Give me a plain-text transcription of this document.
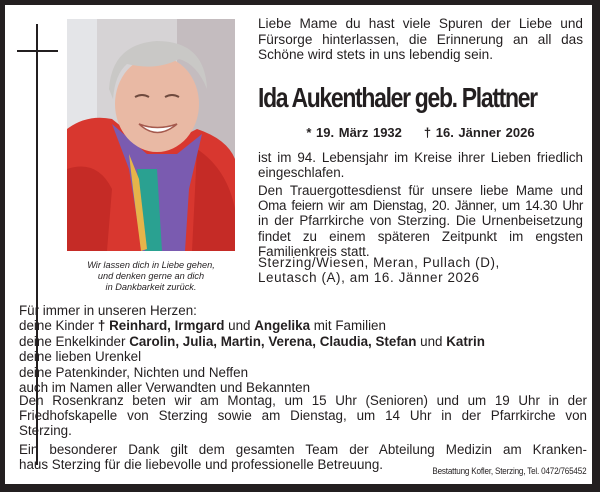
Wir lassen dich in Liebe gehen,
und denken gerne an dich
in Dankbarkeit zurück.
Liebe Mame du hast viele Spuren der Liebe und
Fürsorge hinterlassen, die Erinnerung an all das
Schöne wird stets in uns lebendig sein.
Ida Aukenthaler geb. Plattner
* 19. März 1932 † 16. Jänner 2026
ist im 94. Lebensjahr im Kreise ihrer Lieben friedlich
eingeschlafen.
Den Trauergottesdienst für unsere liebe Mame und
Oma feiern wir am Dienstag, 20. Jänner, um 14.30 Uhr
in der Pfarrkirche von Sterzing. Die Urnenbeisetzung
findet zu einem späteren Zeitpunkt im engsten
Familienkreis statt.
Sterzing/Wiesen, Meran, Pullach (D),
Leutasch (A), am 16. Jänner 2026
Für immer in unseren Herzen:
deine Kinder † Reinhard, Irmgard und Angelika mit Familien
deine Enkelkinder Carolin, Julia, Martin, Verena, Claudia, Stefan und Katrin
deine lieben Urenkel
deine Patenkinder, Nichten und Neffen
auch im Namen aller Verwandten und Bekannten
Den Rosenkranz beten wir am Montag, um 15 Uhr (Senioren) und um 19 Uhr in der
Friedhofskapelle von Sterzing sowie am Dienstag, um 14 Uhr in der Pfarrkirche von
Sterzing.
Ein besonderer Dank gilt dem gesamten Team der Abteilung Medizin am Kranken-
haus Sterzing für die liebevolle und professionelle Betreuung.	Bestattung Kofler, Sterzing, Tel. 0472/765452
